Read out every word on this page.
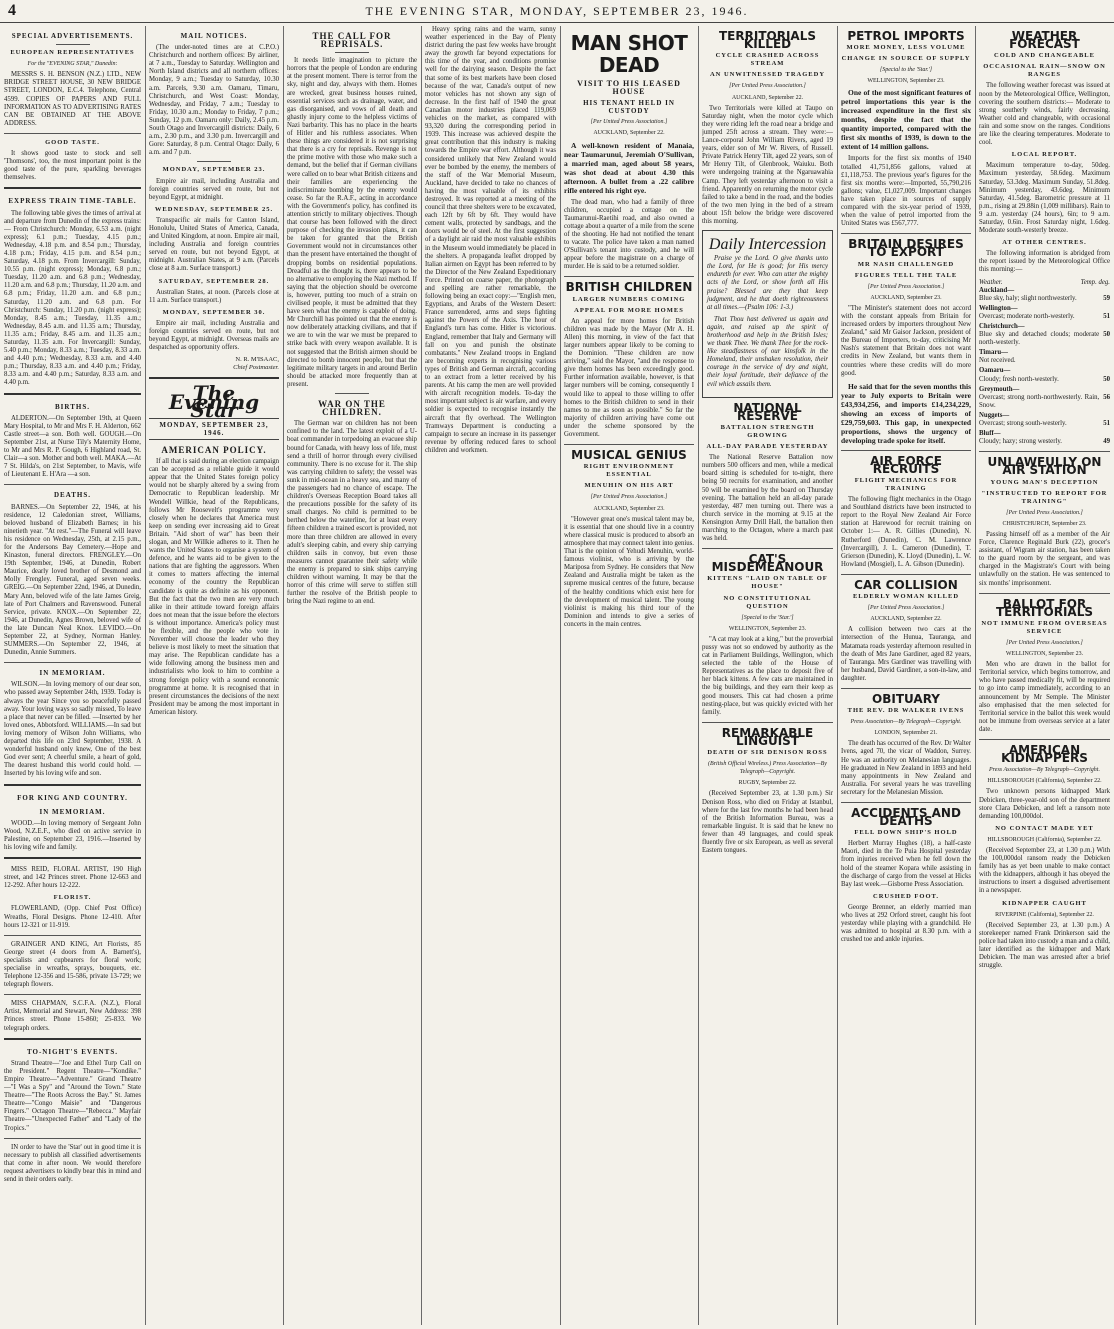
4	THE EVENING STAR, MONDAY, SEPTEMBER 23, 1946.
SPECIAL ADVERTISEMENTS.
EUROPEAN REPRESENTATIVES
For the "EVENING STAR," Dunedin:

MESSRS S. H. BENSON (N.Z.) LTD., NEW BRIDGE STREET HOUSE, 30 NEW BRIDGE STREET, LONDON, E.C.4. Telephone, Central 4599. COPIES OF PAPERS AND FULL INFORMATION AS TO ADVERTISING RATES CAN BE OBTAINED AT THE ABOVE ADDRESS.

GOOD TASTE.

It shows good taste to stock and sell 'Thomsons', too, the most important point is the good taste of the pure, sparkling beverages themselves.

EXPRESS TRAIN TIME-TABLE.

The following table gives the times of arrival at and departure from Dunedin of the express trains:— From Christchurch: Monday, 6.53 a.m. (night express); 6.1 p.m.; Tuesday, 4.15 p.m.; Wednesday, 4.18 p.m. and 8.54 p.m.; Thursday, 4.18 p.m.; Friday, 4.15 p.m. and 8.54 p.m.; Saturday, 4.18 p.m. From Invercargill: Sunday, 10.55 p.m. (night express); Monday, 6.8 p.m.; Tuesday, 11.20 a.m. and 6.8 p.m.; Wednesday, 11.20 a.m. and 6.8 p.m.; Thursday, 11.20 a.m. and 6.8 p.m.; Friday, 11.20 a.m. and 6.8 p.m.; Saturday, 11.20 a.m. and 6.8 p.m. For Christchurch: Sunday, 11.20 p.m. (night express); Monday, 8.45 a.m.; Tuesday, 11.35 a.m.; Wednesday, 8.45 a.m. and 11.35 a.m.; Thursday, 11.35 a.m.; Friday, 8.45 a.m. and 11.35 a.m.; Saturday, 11.35 a.m. For Invercargill: Sunday, 5.40 p.m.; Monday, 8.33 a.m.; Tuesday, 8.33 a.m. and 4.40 p.m.; Wednesday, 8.33 a.m. and 4.40 p.m.; Thursday, 8.33 a.m. and 4.40 p.m.; Friday, 8.33 a.m. and 4.40 p.m.; Saturday, 8.33 a.m. and 4.40 p.m.

BIRTHS.

ALDERTON.—On September 19th, at Queen Mary Hospital, to Mr and Mrs F. H. Alderton, 662 Castle street—a son. Both well. GOUGH.—On September 21st, at Nurse Tily's Maternity Home, to Mr and Mrs R. P. Gough, 6 Highland road, St. Clair—a son. Mother and both well. MAKA.—At 7 St. Hilda's, on 21st September, to Mavis, wife of Lieutenant E. H'Ara —a son.

DEATHS.

BARNES.—On September 22, 1946, at his residence, 12 Caledonian street, Williams, beloved husband of Elizabeth Barnes; in his ninetieth year. "At rest."—The Funeral will leave his residence on Wednesday, 25th, at 2.15 p.m., for the Andersons Bay Cemetery.—Hope and Kinaston, funeral directors. FRENGLEY.—On 19th September, 1946, at Dunedin, Robert Maurice, dearly loved brother of Desmond and Molly Frengley. Funeral, aged seven weeks. GREIG.—On September 22nd, 1946, at Dunedin, Mary Ann, beloved wife of the late James Greig, late of Port Chalmers and Ravenswood. Funeral Service, private. KNOX.—On September 22, 1946, at Dunedin, Agnes Brown, beloved wife of the late Duncan Neal Knox. LEVIDO.—On September 22, at Sydney, Norman Hanley. SUMMERS.—On September 22, 1946, at Dunedin, Annie Summers.

IN MEMORIAM.

WILSON.—In loving memory of our dear son, who passed away September 24th, 1939. Today is always the year Since you so peacefully passed away. Your loving ways so sadly missed, To leave a place that never can be filled. —Inserted by her loved ones, Abbotsford. WILLIAMS.—In sad but loving memory of Wilson John Williams, who departed this life on 23rd September, 1938. A wonderful husband only knew, One of the best God ever sent; A cheerful smile, a heart of gold, The dearest husband this world could hold. —Inserted by his loving wife and son.

FOR KING AND COUNTRY.
IN MEMORIAM.

WOOD.—In loving memory of Sergeant John Wood, N.Z.E.F., who died on active service in Palestine, on September 23, 1916.—Inserted by his loving wife and family.

MISS REID, FLORAL ARTIST, 190 High street, and 142 Princes street. Phone 12-663 and 12-292. After hours 12-222.

FLORIST.

FLOWERLAND, (Opp. Chief Post Office) Wreaths, Floral Designs. Phone 12-410. After hours 12-321 or 11-919.

GRAINGER AND KING, Art Florists, 85 George street (4 doors from A. Barnett's), specialists and cupbearers for floral work; specialise in wreaths, sprays, bouquets, etc. Telephone 12-356 and 15-586, private 13-729; we telegraph flowers.

MISS CHAPMAN, S.C.F.A. (N.Z.), Floral Artist, Memorial and Stewart, New Address: 398 Princes street. Phone 15-860; 25-833. We telegraph orders.

TO-NIGHT'S EVENTS.

Strand Theatre—"Joe and Ethel Turp Call on the President." Regent Theatre—"Kondike." Empire Theatre—"Adventure." Grand Theatre—"I Was a Spy" and "Around the Town." State Theatre—"The Roots Across the Bay." St. James Theatre—"Congo Maisie" and "Dangerous Fingers." Octagon Theatre—"Rebecca." Mayfair Theatre—"Unexpected Father" and "Lady of the Tropics."

IN order to have the 'Star' out in good time it is necessary to publish all classified advertisements that come in after noon. We would therefore request advertisers to kindly bear this in mind and send in their orders early.

MAIL NOTICES.

(The under-noted times are at C.P.O.) Christchurch and northern offices: By airliner, at 7 a.m., Tuesday to Saturday. Wellington and North Island districts and all northern offices: Monday, 9 a.m.; Tuesday to Saturday, 10.30 a.m. Parcels, 9.30 a.m. Oamaru, Timaru, Christchurch, and West Coast: Monday, Wednesday, and Friday, 7 a.m.; Tuesday to Friday, 10.30 a.m.; Monday to Friday, 7 p.m.; Sunday, 12 p.m. Oamaru only: Daily, 2.45 p.m. South Otago and Invercargill districts: Daily, 6 a.m., 2.30 p.m., and 3.30 p.m. Invercargill and Gore: Saturday, 8 p.m. Central Otago: Daily, 6 a.m. and 7 p.m.

MONDAY, SEPTEMBER 23.

Empire air mail, including Australia and foreign countries served en route, but not beyond Egypt, at midnight.

WEDNESDAY, SEPTEMBER 25.

Transpacific air mails for Canton Island, Honolulu, United States of America, Canada, and United Kingdom, at noon. Empire air mail, including Australia and foreign countries served en route, but not beyond Egypt, at midnight. Australian States, at 9 a.m. (Parcels close at 8 a.m. Surface transport.)

SATURDAY, SEPTEMBER 28.

Australian States, at noon. (Parcels close at 11 a.m. Surface transport.)

MONDAY, SEPTEMBER 30.

Empire air mail, including Australia and foreign countries served en route, but not beyond Egypt, at midnight. Overseas mails are despatched as opportunity offers.

N. R. M'ISAAC,
Chief Postmaster.
The Evening Star
MONDAY, SEPTEMBER 23, 1946.
AMERICAN POLICY.

If all that is said during an election campaign can be accepted as a reliable guide it would appear that the United States foreign policy would not be sharply altered by a swing from Democratic to Republican leadership. Mr Wendell Willkie, head of the Republicans, follows Mr Roosevelt's programme very closely when he declares that America must keep on sending ever increasing aid to Great Britain. "Aid short of war" has been their slogan, and Mr Willkie adheres to it. Then he wants the United States to organise a system of defence, and he wants aid to be given to the nations that are fighting the aggressors. When it comes to matters affecting the internal economy of the country the Republican candidate is quite as definite as his opponent. But the fact that the two men are very much alike in their attitude toward foreign affairs does not mean that the issue before the electors is without importance. America's policy must be flexible, and the people who vote in November will choose the leader who they believe is most likely to meet the situation that may arise. The Republican candidate has a wide following among the business men and industrialists who look to him to combine a strong foreign policy with a sound economic programme at home. It is recognised that in present circumstances the decisions of the next President may be among the most important in American history.

THE CALL FOR REPRISALS.

It needs little imagination to picture the horrors that the people of London are enduring at the present moment. There is terror from the sky, night and day, always with them. Homes are wrecked, great business houses ruined, essential services such as drainage, water, and gas disorganised, and vows of all death and ghastly injury come to the helpless victims of Nazi barbarity. This has no place in the hearts of Hitler and his ruthless associates. When these things are considered it is not surprising that there is a cry for reprisals. Revenge is not the prime motive with those who make such a demand, but the belief that if German civilians were called on to bear what British citizens and their families are experiencing the indiscriminate bombing by the enemy would cease. So far the R.A.F., acting in accordance with the Government's policy, has confined its attention strictly to military objectives. Though that course has been followed with the direct purpose of checking the invasion plans, it can be taken for granted that the British Government would not in circumstances other than the present have entertained the thought of dropping bombs on residential populations. Dreadful as the thought is, there appears to be no alternative to employing the Nazi method. If saying that the objection should be overcome is, however, putting too much of a strain on civilised people, it must be admitted that they have seen what the enemy is capable of doing. Mr Churchill has pointed out that the enemy is now deliberately attacking civilians, and that if we are to win the war we must be prepared to strike back with every weapon available. It is not suggested that the British airmen should be directed to bomb innocent people, but that the legitimate military targets in and around Berlin should be attacked more frequently than at present.

WAR ON THE CHILDREN.

The German war on children has not been confined to the land. The latest exploit of a U-boat commander in torpedoing an evacuee ship bound for Canada, with heavy loss of life, must send a thrill of horror through every civilised community. There is no excuse for it. The ship was carrying children to safety; the vessel was sunk in mid-ocean in a heavy sea, and many of the passengers had no chance of escape. The children's Overseas Reception Board takes all the precautions possible for the safety of its small charges. No child is permitted to be berthed below the waterline, for at least every fifteen children a trained escort is provided, not more than three children are allowed in every adult's sleeping cabin, and every ship carrying children sails in convoy, but even those measures cannot guarantee their safety while the enemy is prepared to sink ships carrying children without warning. It may be that the horror of this crime will serve to stiffen still further the resolve of the British people to bring the Nazi regime to an end.

Heavy spring rains and the warm, sunny weather experienced in the Bay of Plenty district during the past few weeks have brought away the growth far beyond expectations for this time of the year, and conditions promise well for the dairying season. Despite the fact that some of its best markets have been closed because of the war, Canada's output of new motor vehicles has not shown any sign of decrease. In the first half of 1940 the great Canadian motor industries placed 119,069 vehicles on the market, as compared with 93,320 during the corresponding period in 1939. This increase was achieved despite the great contribution that this industry is making towards the Empire war effort. Although it was considered unlikely that New Zealand would ever be bombed by the enemy, the members of the staff of the War Memorial Museum, Auckland, have decided to take no chances of having the most valuable of its exhibits destroyed. It was reported at a meeting of the council that three shelters were to be excavated, each 12ft by 6ft by 6ft. They would have cement walls, protected by sandbags, and the doors would be of steel. At the first suggestion of a daylight air raid the most valuable exhibits in the Museum would immediately be placed in the shelters. A propaganda leaflet dropped by Italian airmen on Egypt has been referred to by the Director of the New Zealand Expeditionary Force. Printed on coarse paper, the photograph and spelling are rather remarkable, the following being an exact copy:—"English men, Egyptians, and Arabs of the Western Desert: France surrendered, arms and steps fighting against the Powers of the Axis. The hour of England's turn has come. Hitler is victorious. England, remember that Italy and Germany will fall on you and punish the obstinate combatants." New Zealand troops in England are becoming experts in recognising various types of British and German aircraft, according to an extract from a letter received by his parents. At his camp the men are well provided with aircraft recognition models. To-day the most important subject is air warfare, and every soldier is expected to recognise instantly the aircraft that fly overhead. The Wellington Tramways Department is conducting a campaign to secure an increase in its passenger revenue by offering reduced fares to school children and workmen.

MAN SHOT DEAD
VISIT TO HIS LEASED HOUSE
HIS TENANT HELD IN CUSTODY
[Per United Press Association.]
AUCKLAND, September 22.

A well-known resident of Manaia, near Taumarunui, Jeremiah O'Sullivan, a married man, aged about 58 years, was shot dead at about 4.30 this afternoon. A bullet from a .22 calibre rifle entered his right eye.

The dead man, who had a family of three children, occupied a cottage on the Taumarunui-Raetihi road, and also owned a cottage about a quarter of a mile from the scene of the shooting. He had not notified the tenant to vacate. The police have taken a man named O'Sullivan's tenant into custody, and he will appear before the magistrate on a charge of murder. He is said to be a returned soldier.

BRITISH CHILDREN
LARGER NUMBERS COMING
APPEAL FOR MORE HOMES

An appeal for more homes for British children was made by the Mayor (Mr A. H. Allen) this morning, in view of the fact that larger numbers appear likely to be coming to the Dominion. "These children are now arriving," said the Mayor, "and the response to give them homes has been exceedingly good. Further information available, however, is that larger numbers will be coming, consequently I would like to appeal to those willing to offer homes to the British children to send in their names to me as soon as possible." So far the majority of children arriving have come out under the scheme sponsored by the Government.

MUSICAL GENIUS
RIGHT ENVIRONMENT ESSENTIAL
MENUHIN ON HIS ART
[Per United Press Association.]
AUCKLAND, September 23.

"However great one's musical talent may be, it is essential that one should live in a country where classical music is produced to absorb an atmosphere that may connect talent into genius. That is the opinion of Yehudi Menuhin, world-famous violinist, who is arriving by the Mariposa from Sydney. He considers that New Zealand and Australia might be taken as the supreme musical centres of the future, because of the healthy conditions which exist here for the development of musical talent. The young violinist is making his third tour of the Dominion and intends to give a series of concerts in the main centres.

TERRITORIALS KILLED
CYCLE CRASHED ACROSS STREAM
AN UNWITNESSED TRAGEDY
[Per United Press Association.]
AUCKLAND, September 22.

Two Territorials were killed at Taupo on Saturday night, when the motor cycle which they were riding left the road near a bridge and jumped 25ft across a stream. They were:— Lance-corporal John William Rivers, aged 19 years, elder son of Mr W. Rivers, of Russell. Private Patrick Henry Tilt, aged 22 years, son of Mr Henry Tilt, of Glenbrook, Waiuku. Both were undergoing training at the Ngaruawahia Camp. They left yesterday afternoon to visit a friend. Apparently on returning the motor cycle failed to take a bend in the road, and the bodies of the two men lying in the bed of a stream about 15ft below the bridge were discovered this morning.

Daily Intercession

Praise ye the Lord. O give thanks unto the Lord, for He is good; for His mercy endureth for ever. Who can utter the mighty acts of the Lord, or show forth all His praise? Blessed are they that keep judgment, and he that doeth righteousness at all times.—(Psalm 106: 1-3.)

That Thou hast delivered us again and again, and raised up the spirit of brotherhood and help in the British Isles; we thank Thee. We thank Thee for the rock-like steadfastness of our kinsfolk in the Homeland, their unshaken resolution, their courage in the service of dry and night, their loyal fortitude, their defiance of the evil which assails them.

NATIONAL RESERVE
BATTALION STRENGTH GROWING
ALL-DAY PARADE YESTERDAY

The National Reserve Battalion now numbers 500 officers and men, while a medical board sitting is scheduled for to-night, there being 50 recruits for examination, and another 50 will be examined by the board on Thursday evening. The battalion held an all-day parade yesterday, 487 men turning out. There was a church service in the morning at 9.15 at the Kensington Army Drill Hall, the battalion then marching to the Octagon, where a march past was held.

CAT'S MISDEMEANOUR
KITTENS "LAID ON TABLE OF HOUSE"
NO CONSTITUTIONAL QUESTION
[Special to the 'Star.']
WELLINGTON, September 23.

"A cat may look at a king," but the proverbial pussy was not so endowed by authority as the cat in Parliament Buildings, Wellington, which selected the table of the House of Representatives as the place to deposit five of her black kittens. A few cats are maintained in the big buildings, and they earn their keep as good mousers. This cat had chosen a prime nesting-place, but was quickly evicted with her family.

REMARKABLE LINGUIST
DEATH OF SIR DENISON ROSS
(British Official Wireless.) Press Association—By Telegraph—Copyright.
RUGBY, September 22.

(Received September 23, at 1.30 p.m.) Sir Denison Ross, who died on Friday at Istanbul, where for the last few months he had been head of the British Information Bureau, was a remarkable linguist. It is said that he knew no fewer than 49 languages, and could speak fluently five or six European, as well as several Eastern tongues.

PETROL IMPORTS
MORE MONEY, LESS VOLUME
CHANGE IN SOURCE OF SUPPLY
[Special to the 'Star.']
WELLINGTON, September 23.

One of the most significant features of petrol importations this year is the increased expenditure in the first six months, despite the fact that the quantity imported, compared with the first six months of 1939, is down to the extent of 14 million gallons.

Imports for the first six months of 1940 totalled 41,751,856 gallons, valued at £1,118,753. The previous year's figures for the first six months were:—Imported, 55,790,216 gallons; value, £1,027,009. Important changes have taken place in sources of supply compared with the six-year period of 1939, when the value of petrol imported from the United States was £567,777.

BRITAIN DESIRES TO EXPORT
MR NASH CHALLENGED
FIGURES TELL THE TALE
[Per United Press Association.]
AUCKLAND, September 23.

"The Minister's statement does not accord with the constant appeals from Britain for increased orders by importers throughout New Zealand," said Mr Gaisor Jackson, president of the Bureau of Importers, to-day, criticising Mr Nash's statement that Britain does not want credits in New Zealand, but wants them in countries where these credits will do more good.

He said that for the seven months this year to July exports to Britain were £43,934,256, and imports £14,234,229, showing an excess of imports of £29,759,603. This gap, in unexpected proportions, shows the urgency of developing trade spoke for itself.

AIR FORCE RECRUITS
FLIGHT MECHANICS FOR TRAINING

The following flight mechanics in the Otago and Southland districts have been instructed to report to the Royal New Zealand Air Force station at Harewood for recruit training on October 1:— A. R. Gillies (Dunedin), N. Rutherford (Dunedin), C. M. Lawrence (Invercargill), J. L. Cameron (Dunedin), T. Grierson (Dunedin), K. Lloyd (Dunedin), L. W. Howland (Mosgiel), L. A. Gibson (Dunedin).

CAR COLLISION
ELDERLY WOMAN KILLED
[Per United Press Association.]
AUCKLAND, September 22.

A collision between two cars at the intersection of the Hunua, Tauranga, and Matamata roads yesterday afternoon resulted in the death of Mrs Jane Gardiner, aged 82 years, of Tauranga. Mrs Gardiner was travelling with her husband, David Gardiner, a son-in-law, and daughter.

OBITUARY
THE REV. DR WALKER IVENS
Press Association—By Telegraph—Copyright.
LONDON, September 21.

The death has occurred of the Rev. Dr Walter Ivens, aged 70, the vicar of Waddon, Surrey. He was an authority on Melanesian languages. He graduated in New Zealand in 1893 and held many appointments in New Zealand and Australia. For several years he was travelling secretary for the Melanesian Mission.

ACCIDENTS AND DEATHS
FELL DOWN SHIP'S HOLD

Herbert Murray Hughes (18), a half-caste Maori, died in the Te Puia Hospital yesterday from injuries received when he fell down the hold of the steamer Kopara while assisting in the discharge of cargo from the vessel at Hicks Bay last week.—Gisborne Press Association.

CRUSHED FOOT.

George Brenner, an elderly married man who lives at 292 Orford street, caught his foot yesterday while playing with a grandchild. He was admitted to hospital at 8.30 p.m. with a crushed toe and ankle injuries.

WEATHER FORECAST
COLD AND CHANGEABLE
OCCASIONAL RAIN—SNOW ON RANGES

The following weather forecast was issued at noon by the Meteorological Office, Wellington, covering the southern districts:— Moderate to strong southerly winds, fairly decreasing. Weather cold and changeable, with occasional rain and some snow on the ranges. Conditions are like the clearing temperatures. Moderate to cool.

LOCAL REPORT.

Maximum temperature to-day, 50deg. Maximum yesterday, 58.6deg. Maximum Saturday, 53.3deg. Maximum Sunday, 51.8deg. Minimum yesterday, 43.6deg. Minimum Saturday, 41.5deg. Barometric pressure at 11 p.m., rising at 29.88in (1,009 millibars). Rain to 9 a.m. yesterday (24 hours), 6in; to 9 a.m. Saturday, 0.6in. Frost Saturday night, 1.6deg. Moderate south-westerly breeze.

AT OTHER CENTRES.

The following information is abridged from the report issued by the Meteorological Office this morning:—

Weather.	Temp. deg.
Auckland—
Blue sky, haly; slight northwesterly.	59
Wellington—
Overcast; moderate north-westerly.	51
Christchurch—
Blue sky and detached clouds; moderate north-westerly.
50
Timaru—
Not received.
Oamaru—
Cloudy; fresh north-westerly.	50
Greymouth—
Overcast; strong north-northwesterly. Rain, Snow.
56
Nuggets—
Overcast; strong south-westerly.	51
Bluff—
Cloudy; hazy; strong westerly.	49
UNLAWFULLY ON AIR STATION
YOUNG MAN'S DECEPTION
"INSTRUCTED TO REPORT FOR TRAINING"
[Per United Press Association.]
CHRISTCHURCH, September 23.

Passing himself off as a member of the Air Force, Clarence Reginald Burk (22), grocer's assistant, of Wigram air station, has been taken to the guard room by the sergeant, and was charged in the Magistrate's Court with being unlawfully on the station. He was sentenced to six months' imprisonment.

BALLOT FOR TERRITORIALS
NOT IMMUNE FROM OVERSEAS SERVICE
[Per United Press Association.]
WELLINGTON, September 23.

Men who are drawn in the ballot for Territorial service, which begins tomorrow, and who have passed medically fit, will be required to go into camp immediately, according to an announcement by Mr Semple. The Minister also emphasised that the men selected for Territorial service in the ballot this week would not be immune from overseas service at a later date.

AMERICAN KIDNAPPERS
Press Association—By Telegraph—Copyright.
HILLSBOROUGH (California), September 22.

Two unknown persons kidnapped Mark Debicken, three-year-old son of the department store Clara Debicken, and left a ransom note demanding 100,000dol.

NO CONTACT MADE YET
HILLSBOROUGH (California), September 22.

(Received September 23, at 1.30 p.m.) With the 100,000dol ransom ready the Debicken family has as yet been unable to make contact with the kidnappers, although it has obeyed the instructions to insert a disguised advertisement in a newspaper.

KIDNAPPER CAUGHT
RIVERPINE (California), September 22.

(Received September 23, at 1.30 p.m.) A storekeeper named Frank Drinkerson said the police had taken into custody a man and a child, later identified as the kidnapper and Mark Debicken. The man was arrested after a brief struggle.
